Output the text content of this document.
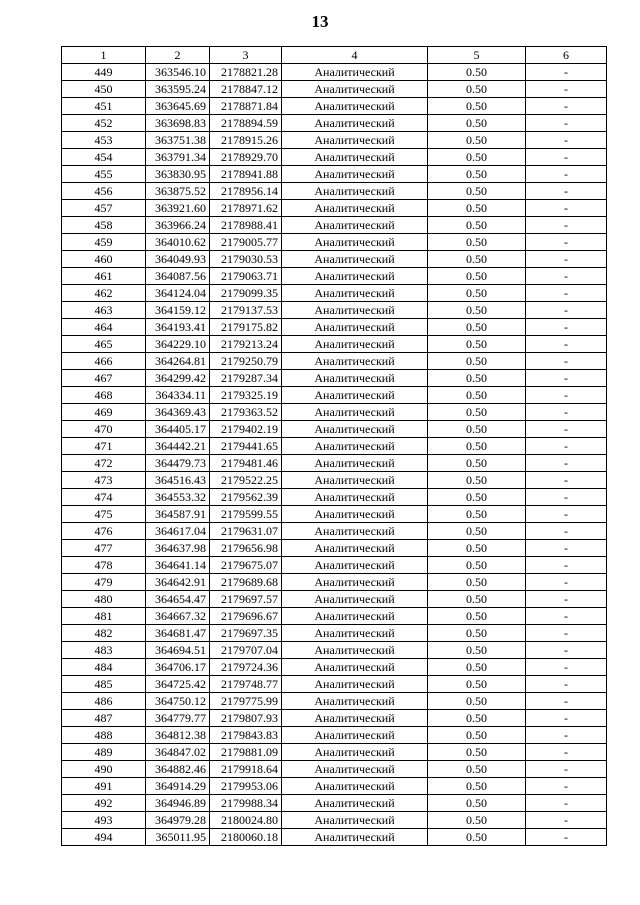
13
1	2	3	4	5	6
449	363546.10	2178821.28	Аналитический	0.50	-
450	363595.24	2178847.12	Аналитический	0.50	-
451	363645.69	2178871.84	Аналитический	0.50	-
452	363698.83	2178894.59	Аналитический	0.50	-
453	363751.38	2178915.26	Аналитический	0.50	-
454	363791.34	2178929.70	Аналитический	0.50	-
455	363830.95	2178941.88	Аналитический	0.50	-
456	363875.52	2178956.14	Аналитический	0.50	-
457	363921.60	2178971.62	Аналитический	0.50	-
458	363966.24	2178988.41	Аналитический	0.50	-
459	364010.62	2179005.77	Аналитический	0.50	-
460	364049.93	2179030.53	Аналитический	0.50	-
461	364087.56	2179063.71	Аналитический	0.50	-
462	364124.04	2179099.35	Аналитический	0.50	-
463	364159.12	2179137.53	Аналитический	0.50	-
464	364193.41	2179175.82	Аналитический	0.50	-
465	364229.10	2179213.24	Аналитический	0.50	-
466	364264.81	2179250.79	Аналитический	0.50	-
467	364299.42	2179287.34	Аналитический	0.50	-
468	364334.11	2179325.19	Аналитический	0.50	-
469	364369.43	2179363.52	Аналитический	0.50	-
470	364405.17	2179402.19	Аналитический	0.50	-
471	364442.21	2179441.65	Аналитический	0.50	-
472	364479.73	2179481.46	Аналитический	0.50	-
473	364516.43	2179522.25	Аналитический	0.50	-
474	364553.32	2179562.39	Аналитический	0.50	-
475	364587.91	2179599.55	Аналитический	0.50	-
476	364617.04	2179631.07	Аналитический	0.50	-
477	364637.98	2179656.98	Аналитический	0.50	-
478	364641.14	2179675.07	Аналитический	0.50	-
479	364642.91	2179689.68	Аналитический	0.50	-
480	364654.47	2179697.57	Аналитический	0.50	-
481	364667.32	2179696.67	Аналитический	0.50	-
482	364681.47	2179697.35	Аналитический	0.50	-
483	364694.51	2179707.04	Аналитический	0.50	-
484	364706.17	2179724.36	Аналитический	0.50	-
485	364725.42	2179748.77	Аналитический	0.50	-
486	364750.12	2179775.99	Аналитический	0.50	-
487	364779.77	2179807.93	Аналитический	0.50	-
488	364812.38	2179843.83	Аналитический	0.50	-
489	364847.02	2179881.09	Аналитический	0.50	-
490	364882.46	2179918.64	Аналитический	0.50	-
491	364914.29	2179953.06	Аналитический	0.50	-
492	364946.89	2179988.34	Аналитический	0.50	-
493	364979.28	2180024.80	Аналитический	0.50	-
494	365011.95	2180060.18	Аналитический	0.50	-
